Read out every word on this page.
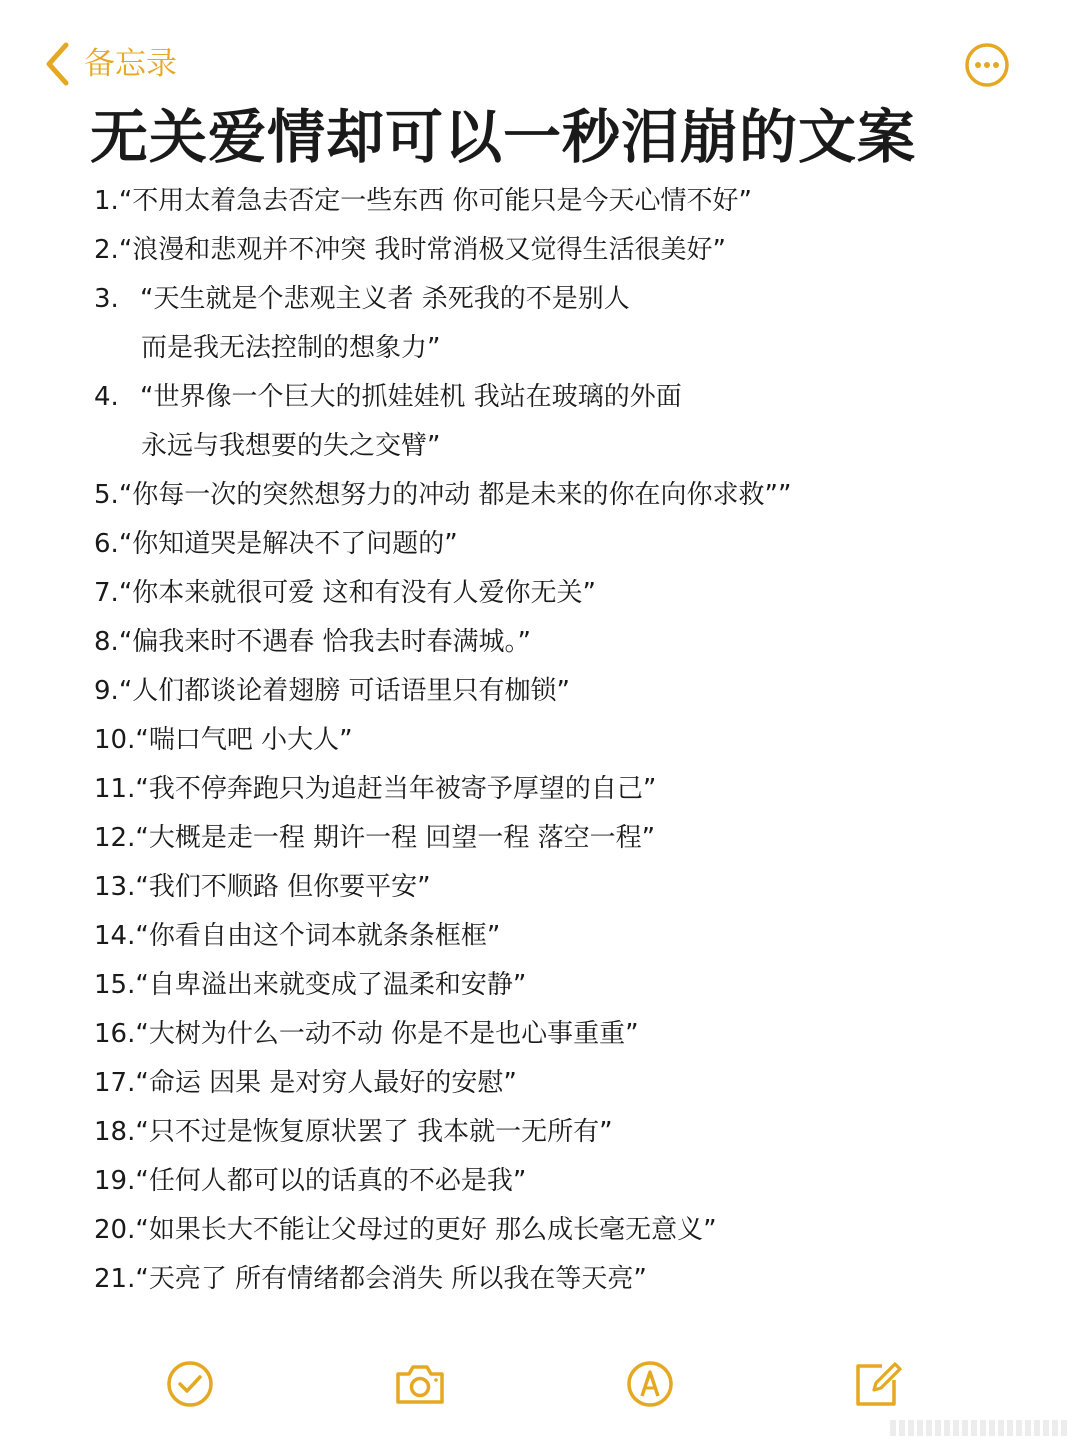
备忘录
无关爱情却可以一秒泪崩的文案
1. “不用太着急去否定一些东西 你可能只是今天心情不好”
2. “浪漫和悲观并不冲突 我时常消极又觉得生活很美好”
3. “天生就是个悲观主义者 杀死我的不是别人
而是我无法控制的想象力”
4. “世界像一个巨大的抓娃娃机 我站在玻璃的外面
永远与我想要的失之交臂”
5. “你每一次的突然想努力的冲动 都是未来的你在向你求救””
6. “你知道哭是解决不了问题的”
7. “你本来就很可爱 这和有没有人爱你无关”
8. “偏我来时不遇春 恰我去时春满城。”
9. “人们都谈论着翅膀 可话语里只有枷锁”
10. “喘口气吧 小大人”
11. “我不停奔跑只为追赶当年被寄予厚望的自己”
12. “大概是走一程 期许一程 回望一程 落空一程”
13. “我们不顺路 但你要平安”
14. “你看自由这个词本就条条框框”
15. “自卑溢出来就变成了温柔和安静”
16. “大树为什么一动不动 你是不是也心事重重”
17. “命运 因果 是对穷人最好的安慰”
18. “只不过是恢复原状罢了 我本就一无所有”
19. “任何人都可以的话真的不必是我”
20. “如果长大不能让父母过的更好 那么成长毫无意义”
21. “天亮了 所有情绪都会消失 所以我在等天亮”
